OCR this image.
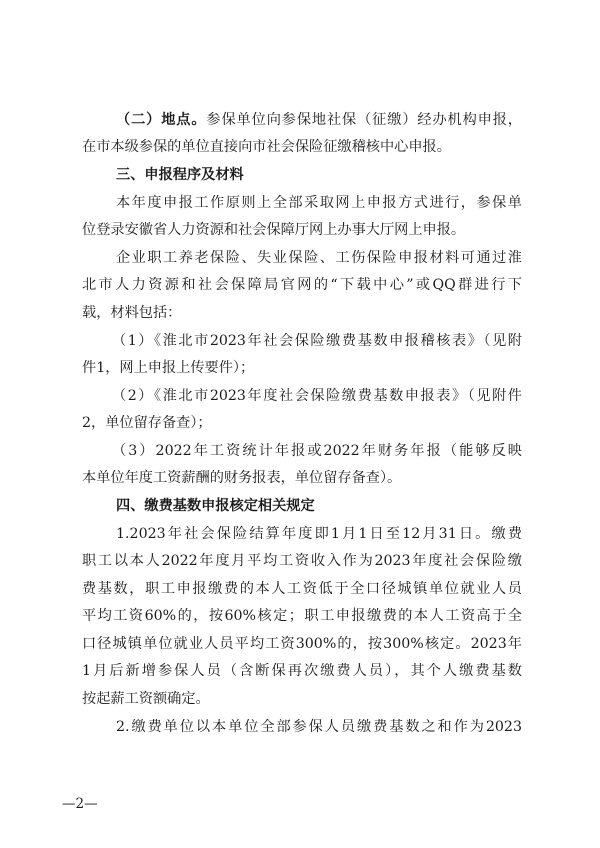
（二）地点。参保单位向参保地社保（征缴）经办机构申报，
在市本级参保的单位直接向市社会保险征缴稽核中心申报。
三、申报程序及材料
本年度申报工作原则上全部采取网上申报方式进行，参保单
位登录安徽省人力资源和社会保障厅网上办事大厅网上申报。
企业职工养老保险、失业保险、工伤保险申报材料可通过淮
北市人力资源和社会保障局官网的“下载中心”或QQ群进行下
载，材料包括：
（1）《淮北市2023年社会保险缴费基数申报稽核表》（见附
件1，网上申报上传要件）；
（2）《淮北市2023年度社会保险缴费基数申报表》（见附件
2，单位留存备查）；
（3）2022年工资统计年报或2022年财务年报（能够反映
本单位年度工资薪酬的财务报表，单位留存备查）。
四、缴费基数申报核定相关规定
1.2023年社会保险结算年度即1月1日至12月31日。缴费
职工以本人2022年度月平均工资收入作为2023年度社会保险缴
费基数，职工申报缴费的本人工资低于全口径城镇单位就业人员
平均工资60%的，按60%核定；职工申报缴费的本人工资高于全
口径城镇单位就业人员平均工资300%的，按300%核定。2023年
1月后新增参保人员（含断保再次缴费人员），其个人缴费基数
按起薪工资额确定。
2.缴费单位以本单位全部参保人员缴费基数之和作为2023
—2—
